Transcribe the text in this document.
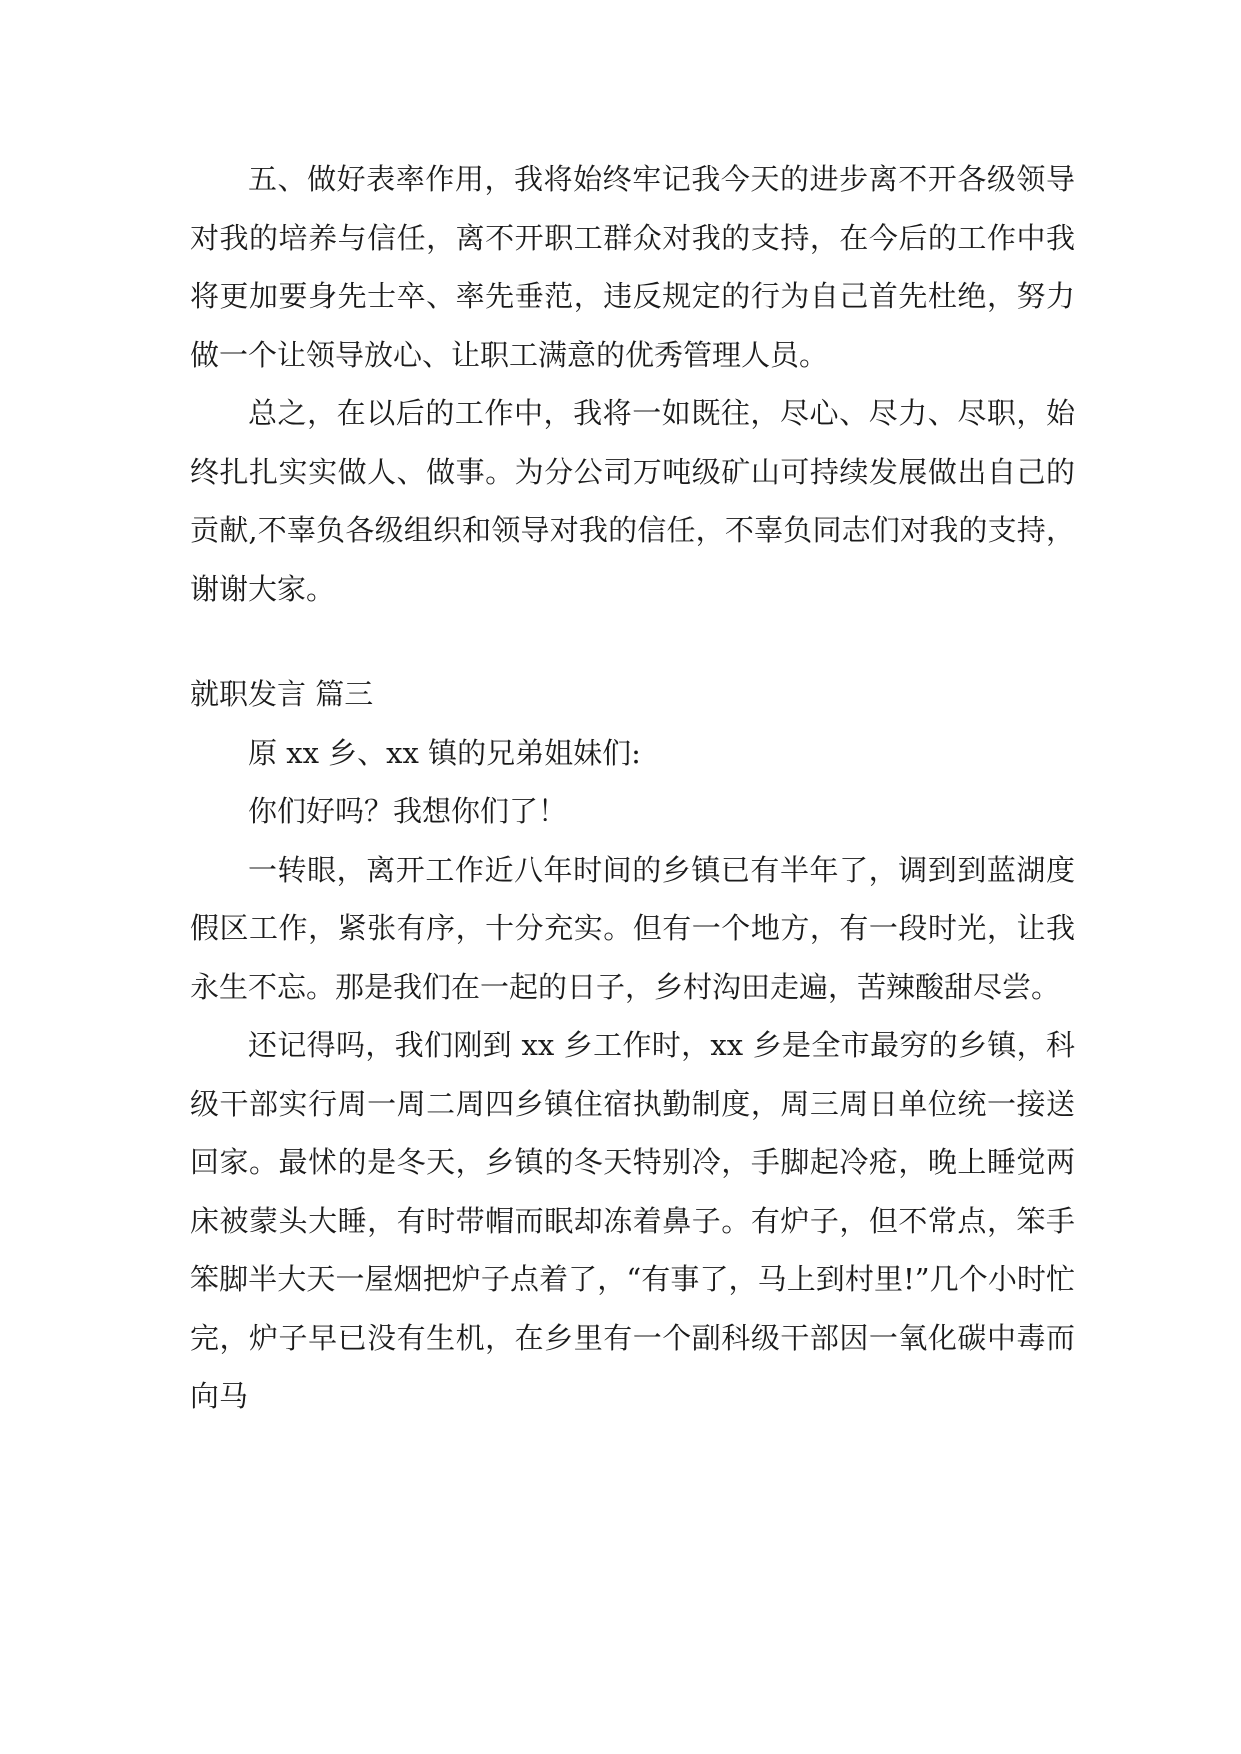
五、做好表率作用，我将始终牢记我今天的进步离不开各级领导对我的培养与信任，离不开职工群众对我的支持，在今后的工作中我将更加要身先士卒、率先垂范，违反规定的行为自己首先杜绝，努力做一个让领导放心、让职工满意的优秀管理人员。

总之，在以后的工作中，我将一如既往，尽心、尽力、尽职，始终扎扎实实做人、做事。为分公司万吨级矿山可持续发展做出自己的贡献,不辜负各级组织和领导对我的信任，不辜负同志们对我的支持，谢谢大家。

就职发言 篇三

原 xx 乡、xx 镇的兄弟姐妹们:

你们好吗？我想你们了！

一转眼，离开工作近八年时间的乡镇已有半年了，调到到蓝湖度假区工作，紧张有序，十分充实。但有一个地方，有一段时光，让我永生不忘。那是我们在一起的日子，乡村沟田走遍，苦辣酸甜尽尝。

还记得吗，我们刚到 xx 乡工作时，xx 乡是全市最穷的乡镇，科级干部实行周一周二周四乡镇住宿执勤制度，周三周日单位统一接送回家。最怵的是冬天，乡镇的冬天特别冷，手脚起冷疮，晚上睡觉两床被蒙头大睡，有时带帽而眠却冻着鼻子。有炉子，但不常点，笨手笨脚半大天一屋烟把炉子点着了，“有事了，马上到村里!”几个小时忙完，炉子早已没有生机，在乡里有一个副科级干部因一氧化碳中毒而向马
